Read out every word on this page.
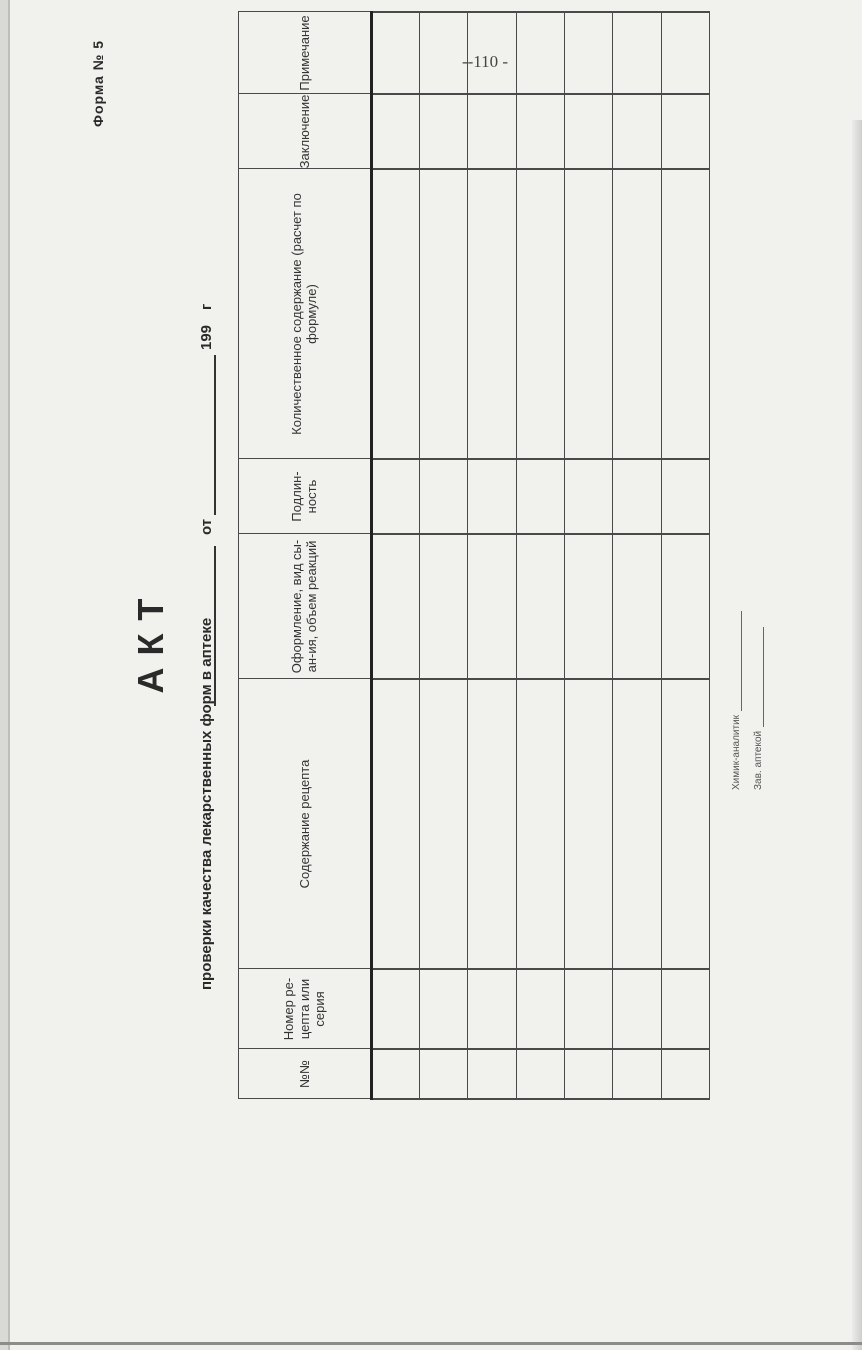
--110 -
Форма № 5
АКТ проверки качества лекарственных форм в аптеке
от
199
г
№№	Номер ре-цепта или серия	Содержание рецепта	Оформление, вид сы-ан-ия, объем реакций	Подлин-ность	Количественное содержание (расчет по формуле)	Заключение	Примечание

Химик-аналитик Зав. аптекой
